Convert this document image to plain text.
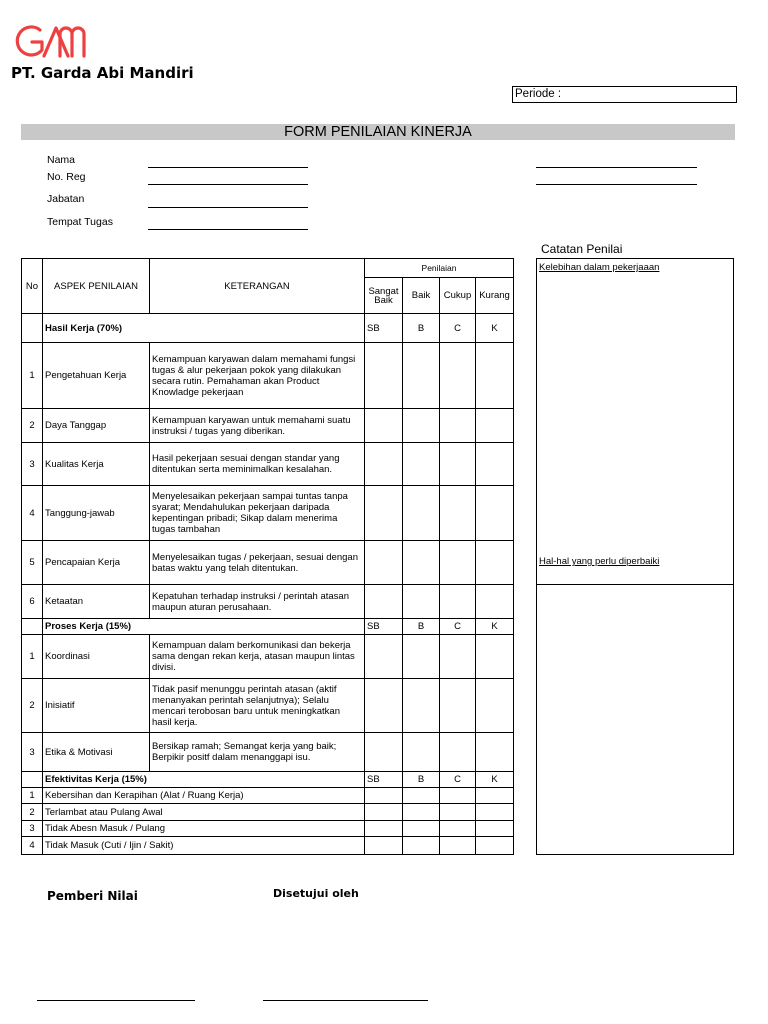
PT. Garda Abi Mandiri
Periode :
FORM PENILAIAN KINERJA
Nama
No. Reg
Jabatan
Tempat Tugas
Catatan Penilai
Kelebihan dalam pekerjaaan
Hal-hal yang perlu diperbaiki
No	ASPEK PENILAIAN	KETERANGAN	Penilaian			
			Sangat Baik	Baik	Cukup	Kurang
	Hasil Kerja (70%)		SB	B	C	K
1	Pengetahuan Kerja	Kemampuan karyawan dalam memahami fungsi tugas & alur pekerjaan pokok yang dilakukan secara rutin. Pemahaman akan Product Knowladge pekerjaan				
2	Daya Tanggap	Kemampuan karyawan untuk memahami suatu instruksi / tugas yang diberikan.				
3	Kualitas Kerja	Hasil pekerjaan sesuai dengan standar yang ditentukan serta meminimalkan kesalahan.				
4	Tanggung-jawab	Menyelesaikan pekerjaan sampai tuntas tanpa syarat; Mendahulukan pekerjaan daripada kepentingan pribadi; Sikap dalam menerima tugas tambahan				
5	Pencapaian Kerja	Menyelesaikan tugas / pekerjaan, sesuai dengan batas waktu yang telah ditentukan.				
6	Ketaatan	Kepatuhan terhadap instruksi / perintah atasan maupun aturan perusahaan.				
	Proses Kerja (15%)		SB	B	C	K
1	Koordinasi	Kemampuan dalam berkomunikasi dan bekerja sama dengan rekan kerja, atasan maupun lintas divisi.				
2	Inisiatif	Tidak pasif menunggu perintah atasan (aktif menanyakan perintah selanjutnya); Selalu mencari terobosan baru untuk meningkatkan hasil kerja.				
3	Etika & Motivasi	Bersikap ramah; Semangat kerja yang baik; Berpikir positf dalam menanggapi isu.				
	Efektivitas Kerja (15%)		SB	B	C	K
1	Kebersihan dan Kerapihan (Alat / Ruang Kerja)					
2	Terlambat atau Pulang Awal					
3	Tidak Abesn Masuk / Pulang					
4	Tidak Masuk (Cuti / Ijin / Sakit)					
Pemberi Nilai	Disetujui oleh
